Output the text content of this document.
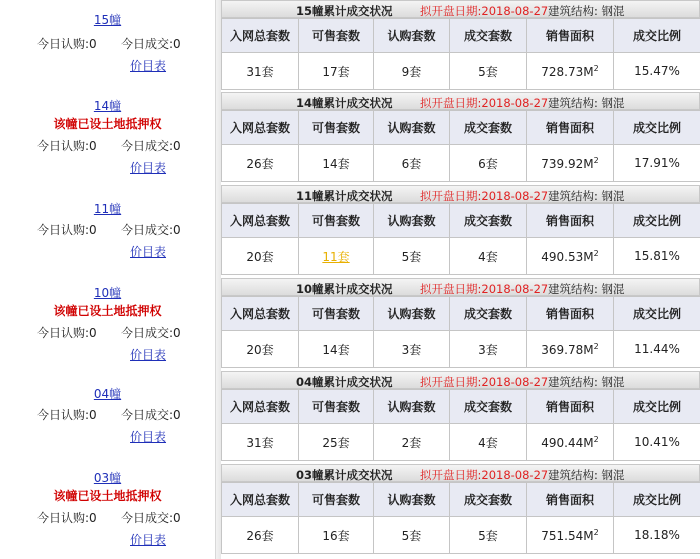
15幢
今日认购:0 今日成交:0
价目表
14幢
该幢已设土地抵押权
今日认购:0 今日成交:0
价目表
11幢
今日认购:0 今日成交:0
价目表
10幢
该幢已设土地抵押权
今日认购:0 今日成交:0
价目表
04幢
今日认购:0 今日成交:0
价目表
03幢
该幢已设土地抵押权
今日认购:0 今日成交:0
价目表
15幢累计成交状况 拟开盘日期:2018-08-27 建筑结构: 钢混
入网总套数	可售套数	认购套数	成交套数	销售面积	成交比例
31套	17套	9套	5套	$728.73M^2$	15.47%
14幢累计成交状况 拟开盘日期:2018-08-27 建筑结构: 钢混
入网总套数	可售套数	认购套数	成交套数	销售面积	成交比例
26套	14套	6套	6套	$739.92M^2$	17.91%
11幢累计成交状况 拟开盘日期:2018-08-27 建筑结构: 钢混
入网总套数	可售套数	认购套数	成交套数	销售面积	成交比例
20套	11套	5套	4套	$490.53M^2$	15.81%
10幢累计成交状况 拟开盘日期:2018-08-27 建筑结构: 钢混
入网总套数	可售套数	认购套数	成交套数	销售面积	成交比例
20套	14套	3套	3套	$369.78M^2$	11.44%
04幢累计成交状况 拟开盘日期:2018-08-27 建筑结构: 钢混
入网总套数	可售套数	认购套数	成交套数	销售面积	成交比例
31套	25套	2套	4套	$490.44M^2$	10.41%
03幢累计成交状况 拟开盘日期:2018-08-27 建筑结构: 钢混
入网总套数	可售套数	认购套数	成交套数	销售面积	成交比例
26套	16套	5套	5套	$751.54M^2$	18.18%
